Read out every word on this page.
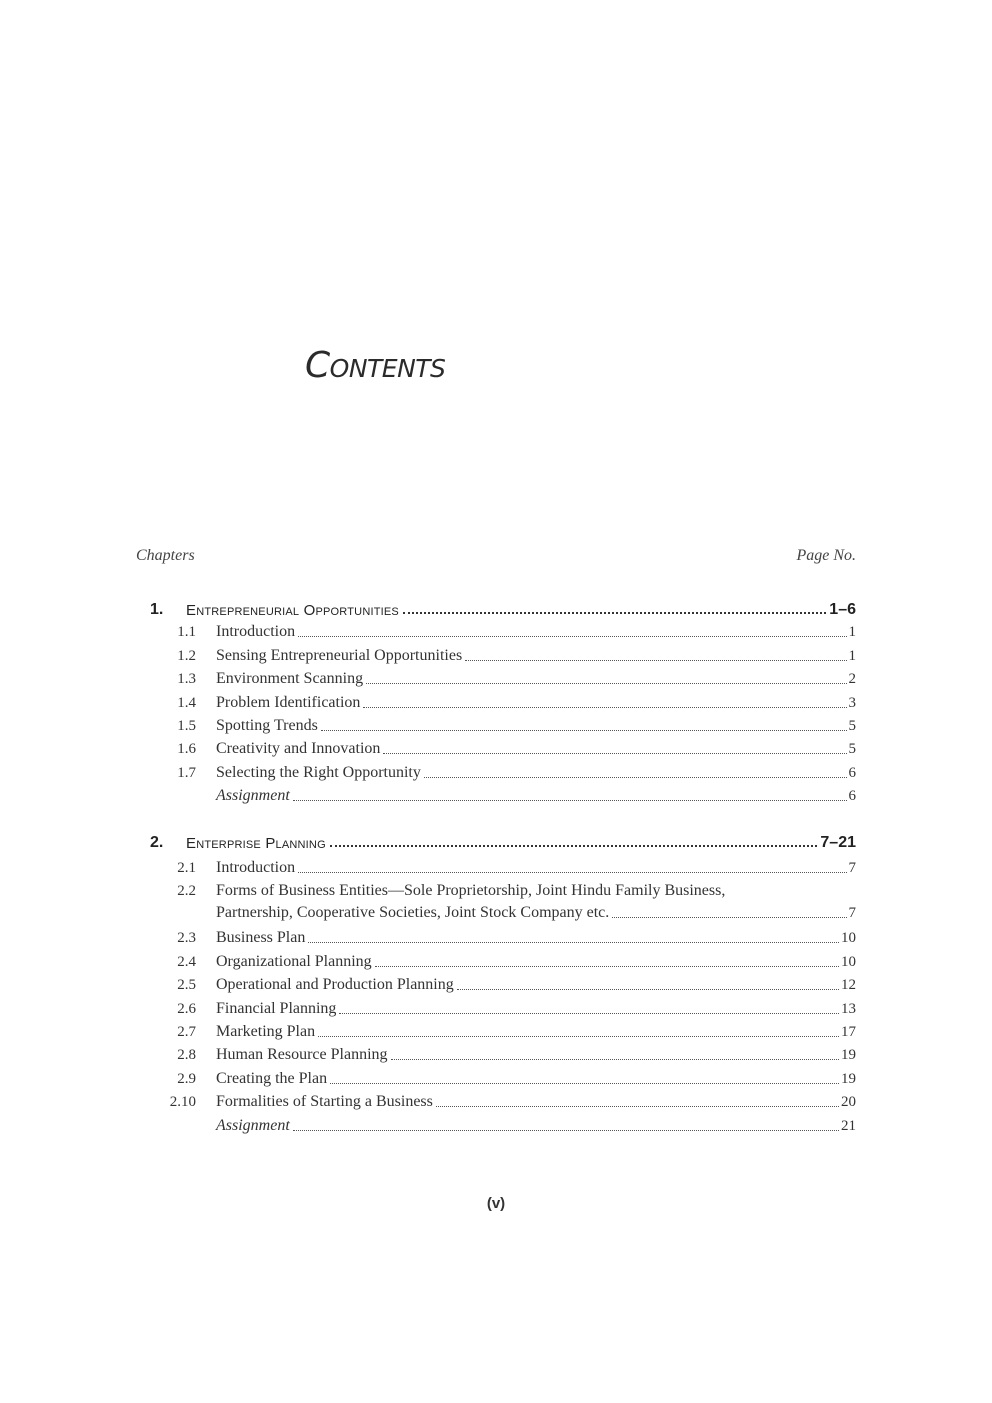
Contents
Chapters	Page No.
1.	Entrepreneurial Opportunities	1–6
1.1	Introduction	1
1.2	Sensing Entrepreneurial Opportunities	1
1.3	Environment Scanning	2
1.4	Problem Identification	3
1.5	Spotting Trends	5
1.6	Creativity and Innovation	5
1.7	Selecting the Right Opportunity	6
Assignment	6
2.	Enterprise Planning	7–21
2.1	Introduction	7
2.2	Forms of Business Entities—Sole Proprietorship, Joint Hindu Family Business,
Partnership, Cooperative Societies, Joint Stock Company etc.	7
2.3	Business Plan	10
2.4	Organizational Planning	10
2.5	Operational and Production Planning	12
2.6	Financial Planning	13
2.7	Marketing Plan	17
2.8	Human Resource Planning	19
2.9	Creating the Plan	19
2.10	Formalities of Starting a Business	20
Assignment	21
(v)
